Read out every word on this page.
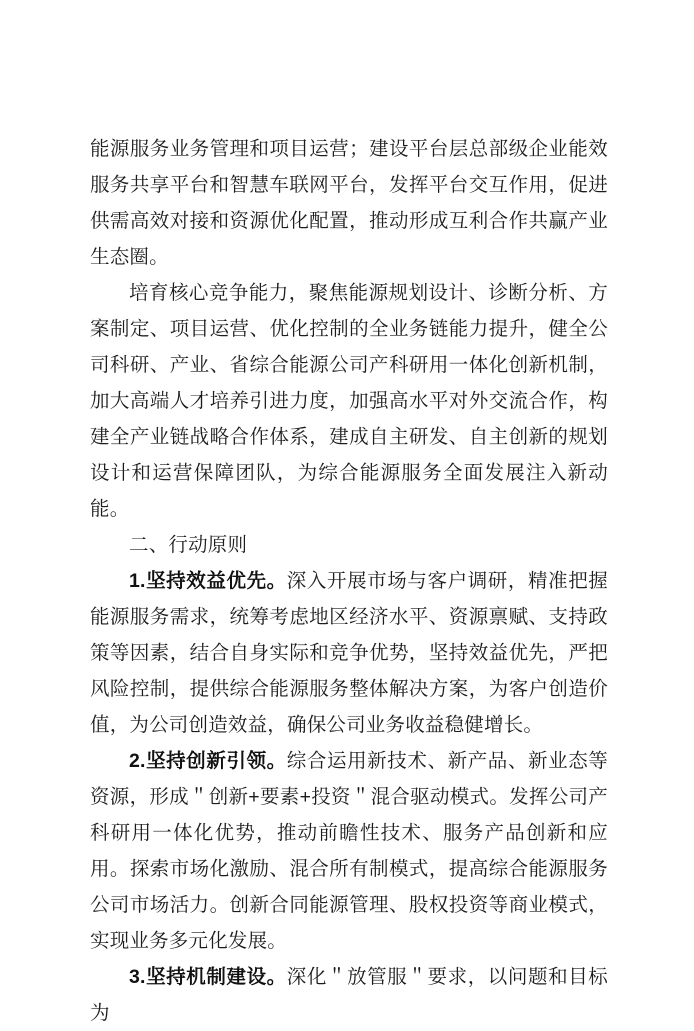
能源服务业务管理和项目运营；建设平台层总部级企业能效服务共享平台和智慧车联网平台，发挥平台交互作用，促进供需高效对接和资源优化配置，推动形成互利合作共赢产业生态圈。

培育核心竞争能力，聚焦能源规划设计、诊断分析、方案制定、项目运营、优化控制的全业务链能力提升，健全公司科研、产业、省综合能源公司产科研用一体化创新机制，加大高端人才培养引进力度，加强高水平对外交流合作，构建全产业链战略合作体系，建成自主研发、自主创新的规划设计和运营保障团队，为综合能源服务全面发展注入新动能。

二、行动原则

1.坚持效益优先。深入开展市场与客户调研，精准把握能源服务需求，统筹考虑地区经济水平、资源禀赋、支持政策等因素，结合自身实际和竞争优势，坚持效益优先，严把风险控制，提供综合能源服务整体解决方案，为客户创造价值，为公司创造效益，确保公司业务收益稳健增长。

2.坚持创新引领。综合运用新技术、新产品、新业态等资源，形成＂创新+要素+投资＂混合驱动模式。发挥公司产科研用一体化优势，推动前瞻性技术、服务产品创新和应用。探索市场化激励、混合所有制模式，提高综合能源服务公司市场活力。创新合同能源管理、股权投资等商业模式，实现业务多元化发展。

3.坚持机制建设。深化＂放管服＂要求，以问题和目标为
